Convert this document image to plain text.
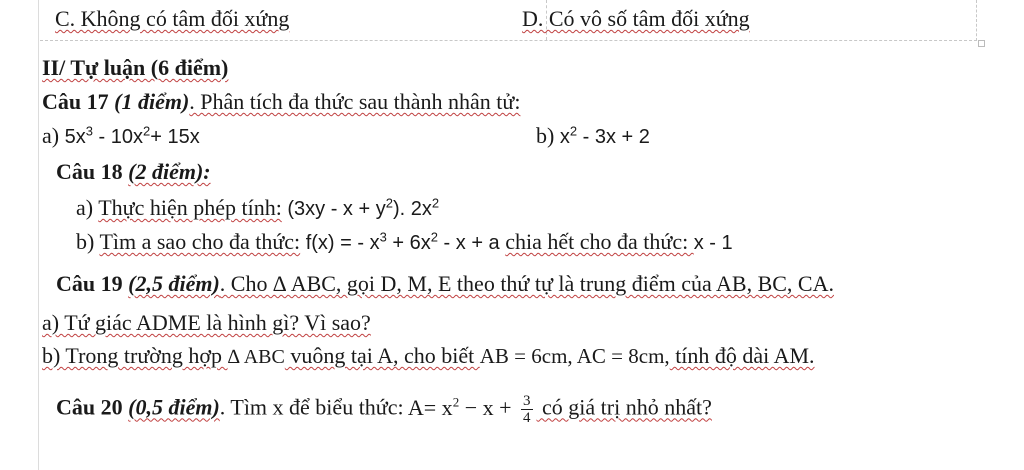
C. Không có tâm đối xứng	D. Có vô số tâm đối xứng
II/ Tự luận (6 điểm)
Câu 17 (1 điểm). Phân tích đa thức sau thành nhân tử:
a) $5x^3 - 10x^2+ 15x$	b) $x^2 - 3x + 2$
Câu 18 (2 điểm):
a) Thực hiện phép tính: $(3xy - x + y^2)$. $2x^2$
b) Tìm a sao cho đa thức: f(x) = - $x^3 + 6x^2 - x + a$ chia hết cho đa thức: x - 1
Câu 19 (2,5 điểm). Cho ∆ ABC, gọi D, M, E theo thứ tự là trung điểm của AB, BC, CA.
a) Tứ giác ADME là hình gì? Vì sao?
b) Trong trường hợp ∆ ABC vuông tại A, cho biết AB = 6cm, AC = 8cm, tính độ dài AM.
Câu 20 (0,5 điểm). Tìm x để biểu thức: $A= x^2 - x + \frac{3}{4}$ có giá trị nhỏ nhất?
